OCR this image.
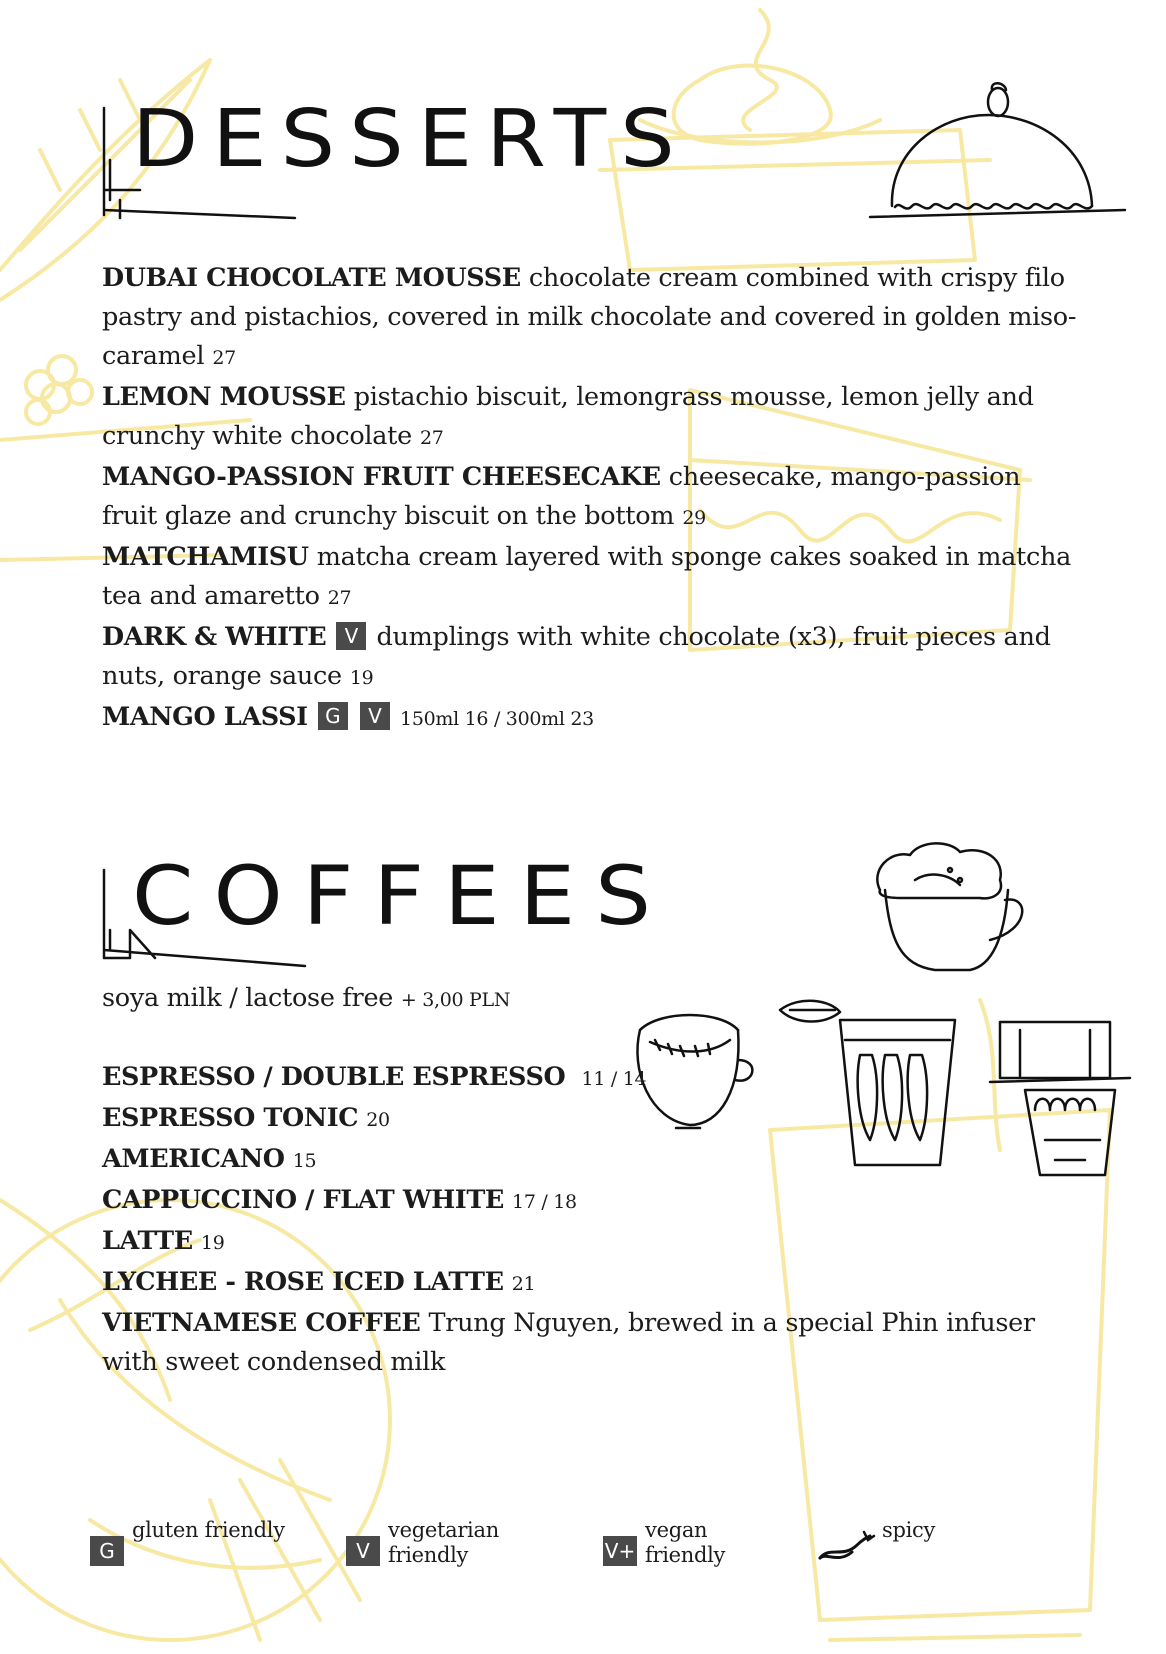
DESSERTS

DUBAI CHOCOLATE MOUSSE chocolate cream combined with crispy filo pastry and pistachios, covered in milk chocolate and covered in golden miso-caramel 27

LEMON MOUSSE pistachio biscuit, lemongrass mousse, lemon jelly and crunchy white chocolate 27

MANGO-PASSION FRUIT CHEESECAKE cheesecake, mango-passion fruit glaze and crunchy biscuit on the bottom 29

MATCHAMISU matcha cream layered with sponge cakes soaked in matcha tea and amaretto 27

DARK & WHITE V dumplings with white chocolate (x3), fruit pieces and nuts, orange sauce 19

MANGO LASSI G V 150ml 16 / 300ml 23

COFFEES

soya milk / lactose free + 3,00 PLN

ESPRESSO / DOUBLE ESPRESSO 11 / 14

ESPRESSO TONIC 20

AMERICANO 15

CAPPUCCINO / FLAT WHITE 17 / 18

LATTE 19

LYCHEE - ROSE ICED LATTE 21

VIETNAMESE COFFEE Trung Nguyen, brewed in a special Phin infuser with sweet condensed milk

G
gluten friendly
V
vegetarian
friendly	V+
vegan
friendly
spicy
